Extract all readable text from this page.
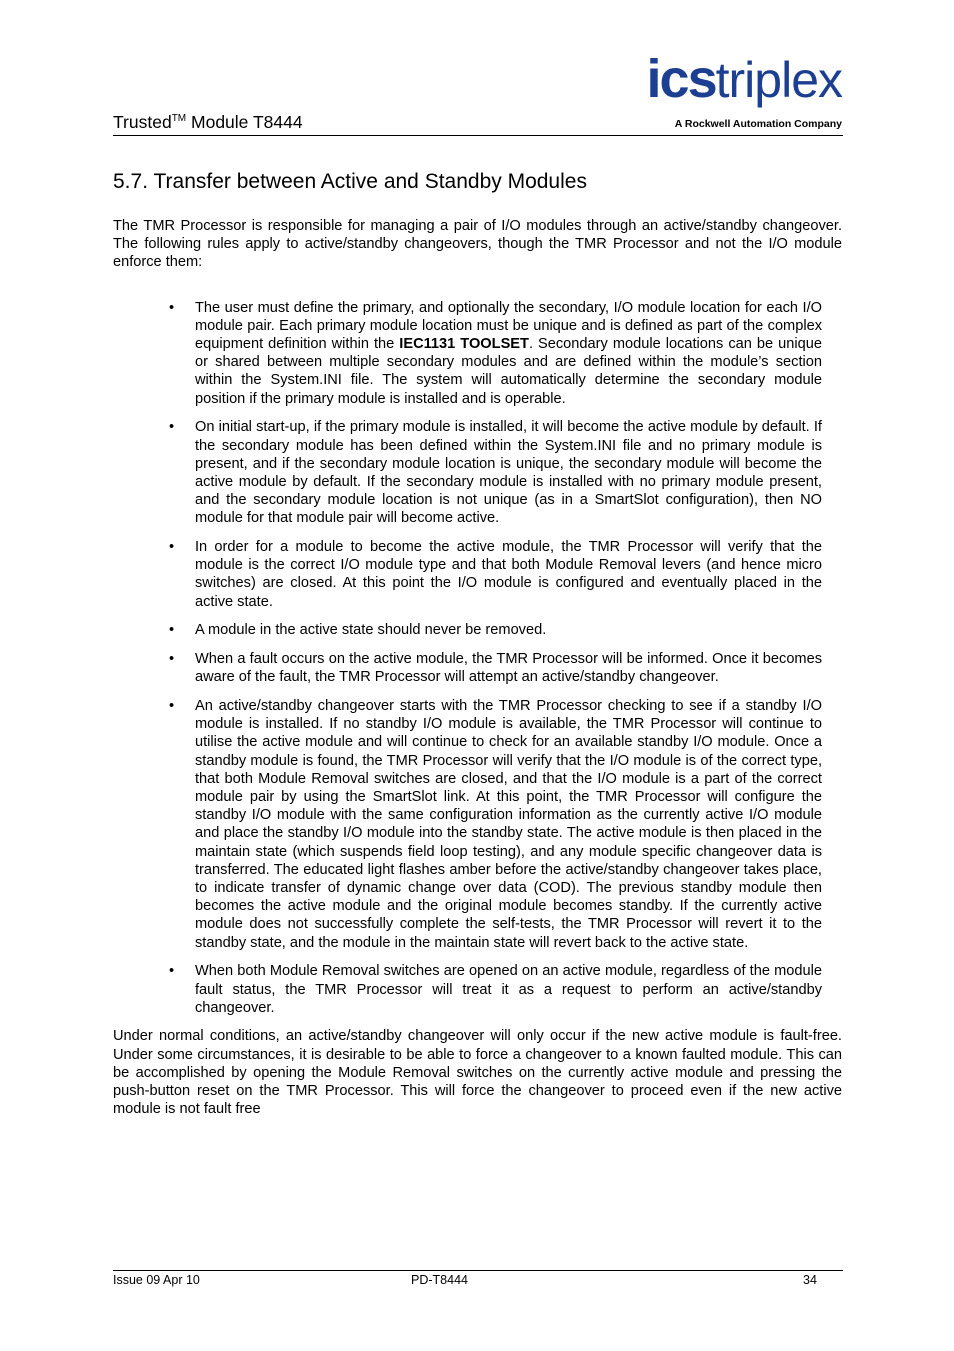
Trusted™ Module T8444
icstriplex
A Rockwell Automation Company
5.7. Transfer between Active and Standby Modules

The TMR Processor is responsible for managing a pair of I/O modules through an active/standby changeover. The following rules apply to active/standby changeovers, though the TMR Processor and not the I/O module enforce them:

• The user must define the primary, and optionally the secondary, I/O module location for each I/O module pair. Each primary module location must be unique and is defined as part of the complex equipment definition within the IEC1131 TOOLSET. Secondary module locations can be unique or shared between multiple secondary modules and are defined within the module’s section within the System.INI file. The system will automatically determine the secondary module position if the primary module is installed and is operable.
• On initial start-up, if the primary module is installed, it will become the active module by default. If the secondary module has been defined within the System.INI file and no primary module is present, and if the secondary module location is unique, the secondary module will become the active module by default. If the secondary module is installed with no primary module present, and the secondary module location is not unique (as in a SmartSlot configuration), then NO module for that module pair will become active.
• In order for a module to become the active module, the TMR Processor will verify that the module is the correct I/O module type and that both Module Removal levers (and hence micro switches) are closed. At this point the I/O module is configured and eventually placed in the active state.
• A module in the active state should never be removed.
• When a fault occurs on the active module, the TMR Processor will be informed. Once it becomes aware of the fault, the TMR Processor will attempt an active/standby changeover.
• An active/standby changeover starts with the TMR Processor checking to see if a standby I/O module is installed. If no standby I/O module is available, the TMR Processor will continue to utilise the active module and will continue to check for an available standby I/O module. Once a standby module is found, the TMR Processor will verify that the I/O module is of the correct type, that both Module Removal switches are closed, and that the I/O module is a part of the correct module pair by using the SmartSlot link. At this point, the TMR Processor will configure the standby I/O module with the same configuration information as the currently active I/O module and place the standby I/O module into the standby state. The active module is then placed in the maintain state (which suspends field loop testing), and any module specific changeover data is transferred. The educated light flashes amber before the active/standby changeover takes place, to indicate transfer of dynamic change over data (COD). The previous standby module then becomes the active module and the original module becomes standby. If the currently active module does not successfully complete the self-tests, the TMR Processor will revert it to the standby state, and the module in the maintain state will revert back to the active state.
• When both Module Removal switches are opened on an active module, regardless of the module fault status, the TMR Processor will treat it as a request to perform an active/standby changeover.

Under normal conditions, an active/standby changeover will only occur if the new active module is fault-free. Under some circumstances, it is desirable to be able to force a changeover to a known faulted module. This can be accomplished by opening the Module Removal switches on the currently active module and pressing the push-button reset on the TMR Processor. This will force the changeover to proceed even if the new active module is not fault free

Issue 09 Apr 10	PD-T8444	34
